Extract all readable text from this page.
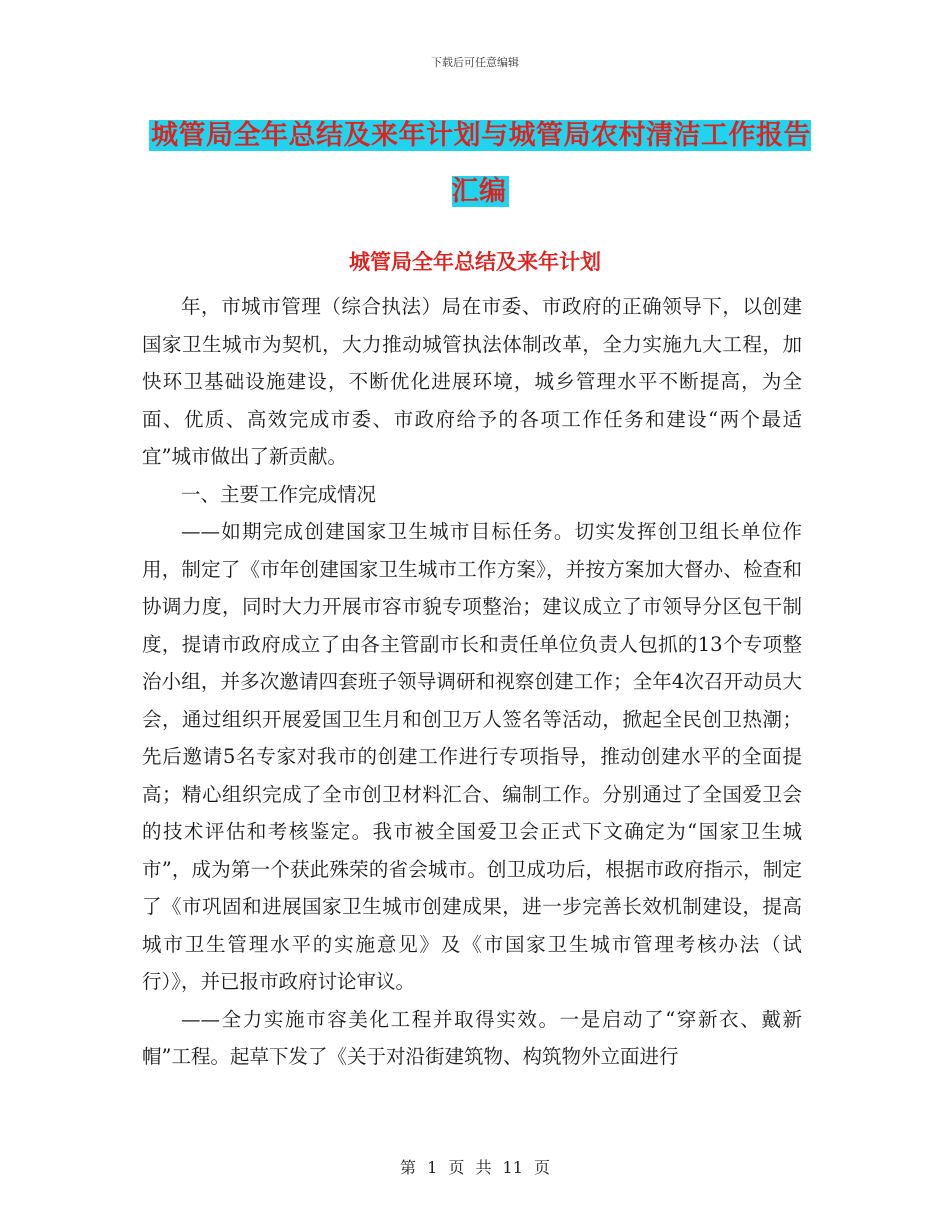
下载后可任意编辑
城管局全年总结及来年计划与城管局农村清洁工作报告汇编
城管局全年总结及来年计划

年，市城市管理（综合执法）局在市委、市政府的正确领导下，以创建国家卫生城市为契机，大力推动城管执法体制改革，全力实施九大工程，加快环卫基础设施建设，不断优化进展环境，城乡管理水平不断提高，为全面、优质、高效完成市委、市政府给予的各项工作任务和建设“两个最适宜”城市做出了新贡献。

一、主要工作完成情况

——如期完成创建国家卫生城市目标任务。切实发挥创卫组长单位作用，制定了《市年创建国家卫生城市工作方案》，并按方案加大督办、检查和协调力度，同时大力开展市容市貌专项整治；建议成立了市领导分区包干制度，提请市政府成立了由各主管副市长和责任单位负责人包抓的13个专项整治小组，并多次邀请四套班子领导调研和视察创建工作；全年4次召开动员大会，通过组织开展爱国卫生月和创卫万人签名等活动，掀起全民创卫热潮；先后邀请5名专家对我市的创建工作进行专项指导，推动创建水平的全面提高；精心组织完成了全市创卫材料汇合、编制工作。分别通过了全国爱卫会的技术评估和考核鉴定。我市被全国爱卫会正式下文确定为“国家卫生城市”，成为第一个获此殊荣的省会城市。创卫成功后，根据市政府指示，制定了《市巩固和进展国家卫生城市创建成果，进一步完善长效机制建设，提高城市卫生管理水平的实施意见》及《市国家卫生城市管理考核办法（试行）》，并已报市政府讨论审议。

——全力实施市容美化工程并取得实效。一是启动了“穿新衣、戴新帽”工程。起草下发了《关于对沿街建筑物、构筑物外立面进行

第 1 页 共 11 页
